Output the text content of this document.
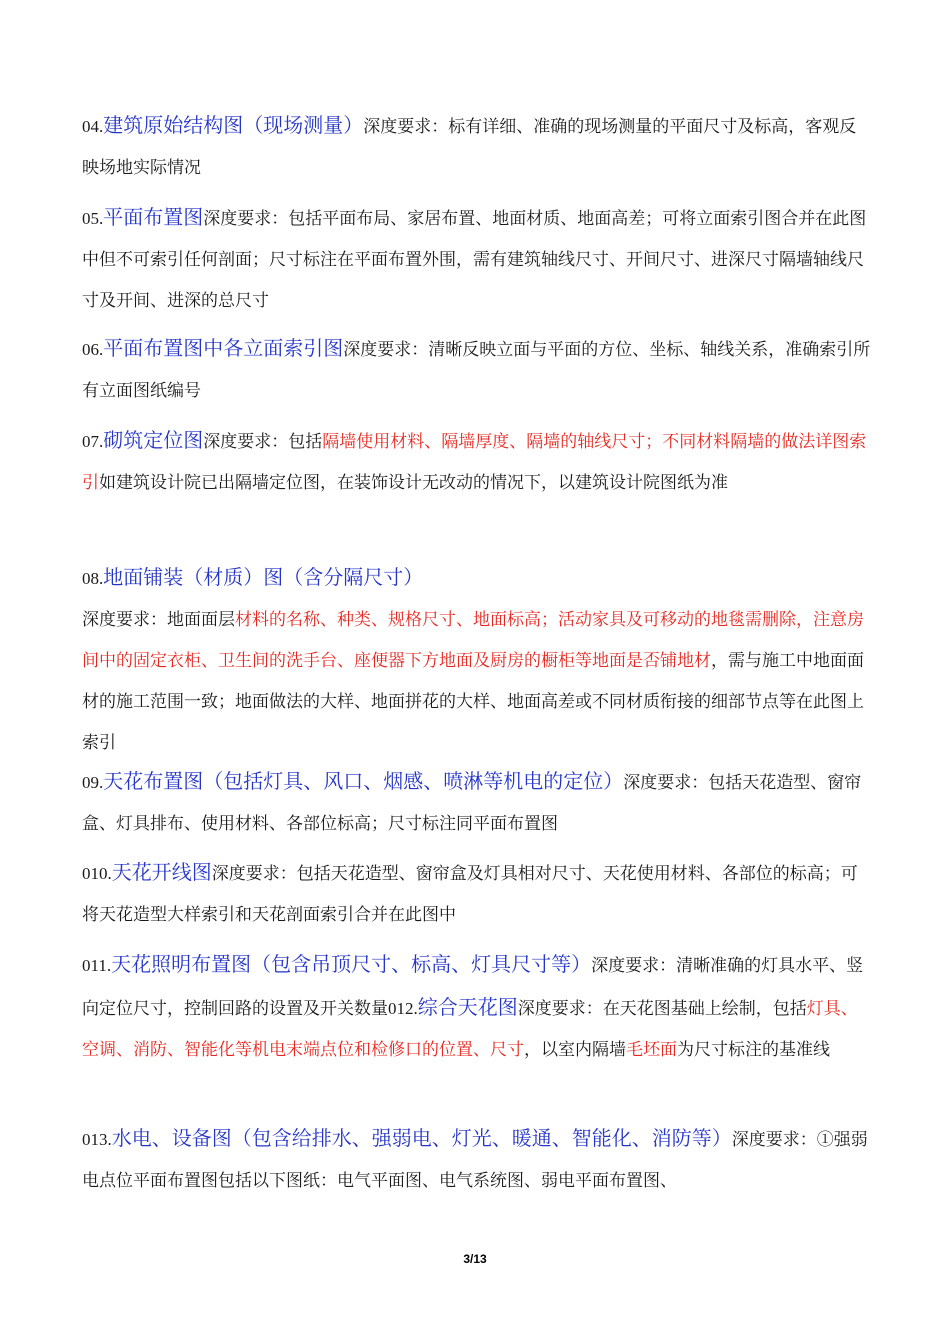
04.建筑原始结构图（现场测量）深度要求：标有详细、准确的现场测量的平面尺寸及标高，客观反映场地实际情况

05.平面布置图深度要求：包括平面布局、家居布置、地面材质、地面高差；可将立面索引图合并在此图中但不可索引任何剖面；尺寸标注在平面布置外围，需有建筑轴线尺寸、开间尺寸、进深尺寸隔墙轴线尺寸及开间、进深的总尺寸

06.平面布置图中各立面索引图深度要求：清晰反映立面与平面的方位、坐标、轴线关系，准确索引所有立面图纸编号

07.砌筑定位图深度要求：包括隔墙使用材料、隔墙厚度、隔墙的轴线尺寸；不同材料隔墙的做法详图索引如建筑设计院已出隔墙定位图，在装饰设计无改动的情况下，以建筑设计院图纸为准

08.地面铺装（材质）图（含分隔尺寸）
深度要求：地面面层材料的名称、种类、规格尺寸、地面标高；活动家具及可移动的地毯需删除，注意房间中的固定衣柜、卫生间的洗手台、座便器下方地面及厨房的橱柜等地面是否铺地材，需与施工中地面面材的施工范围一致；地面做法的大样、地面拼花的大样、地面高差或不同材质衔接的细部节点等在此图上索引

09.天花布置图（包括灯具、风口、烟感、喷淋等机电的定位）深度要求：包括天花造型、窗帘盒、灯具排布、使用材料、各部位标高；尺寸标注同平面布置图

010.天花开线图深度要求：包括天花造型、窗帘盒及灯具相对尺寸、天花使用材料、各部位的标高；可将天花造型大样索引和天花剖面索引合并在此图中

011.天花照明布置图（包含吊顶尺寸、标高、灯具尺寸等）深度要求：清晰准确的灯具水平、竖向定位尺寸，控制回路的设置及开关数量012.综合天花图深度要求：在天花图基础上绘制，包括灯具、空调、消防、智能化等机电末端点位和检修口的位置、尺寸，以室内隔墙毛坯面为尺寸标注的基准线

013.水电、设备图（包含给排水、强弱电、灯光、暖通、智能化、消防等）深度要求：①强弱电点位平面布置图包括以下图纸：电气平面图、电气系统图、弱电平面布置图、

3/13
